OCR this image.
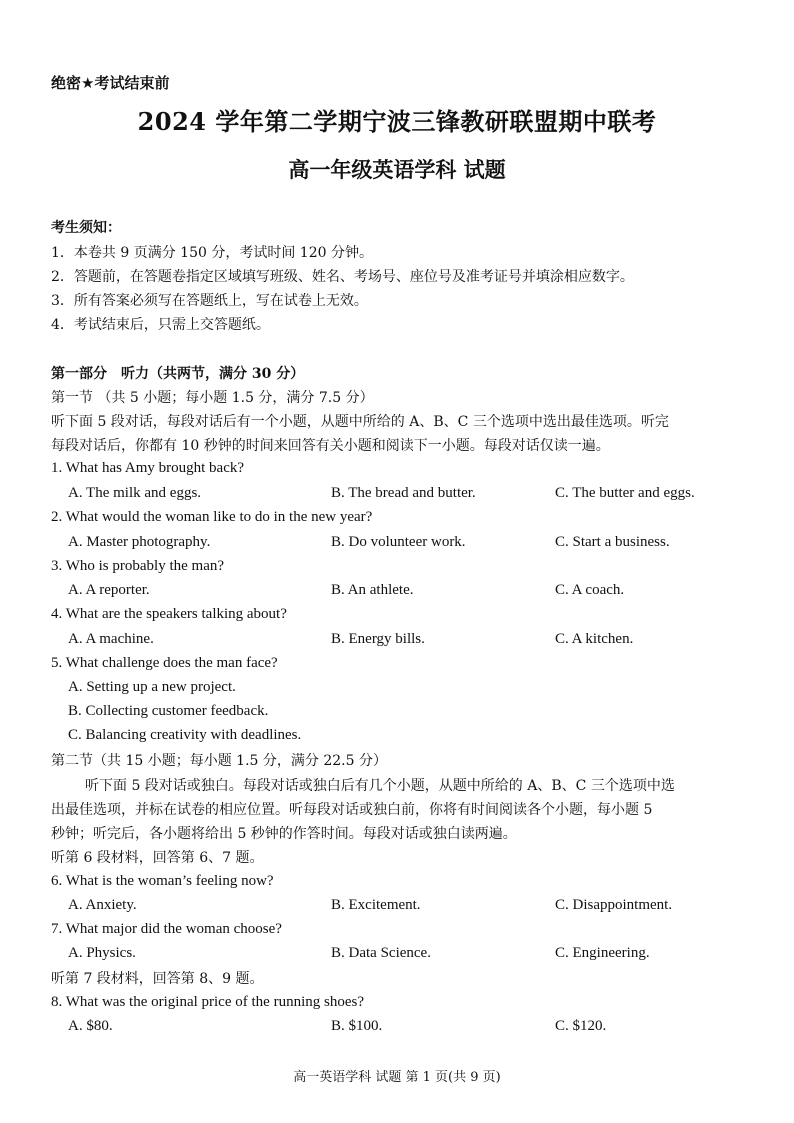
绝密★考试结束前
2024 学年第二学期宁波三锋教研联盟期中联考
高一年级英语学科 试题
考生须知：
1．本卷共 9 页满分 150 分，考试时间 120 分钟。
2．答题前，在答题卷指定区域填写班级、姓名、考场号、座位号及准考证号并填涂相应数字。
3．所有答案必须写在答题纸上，写在试卷上无效。
4．考试结束后，只需上交答题纸。
第一部分　听力（共两节，满分 30 分）
第一节 （共 5 小题；每小题 1.5 分，满分 7.5 分）
听下面 5 段对话，每段对话后有一个小题，从题中所给的 A、B、C 三个选项中选出最佳选项。听完
每段对话后，你都有 10 秒钟的时间来回答有关小题和阅读下一小题。每段对话仅读一遍。
1. What has Amy brought back?
A. The milk and eggs.	B. The bread and butter.	C. The butter and eggs.
2. What would the woman like to do in the new year?
A. Master photography.	B. Do volunteer work.	C. Start a business.
3. Who is probably the man?
A. A reporter.	B. An athlete.	C. A coach.
4. What are the speakers talking about?
A. A machine.	B. Energy bills.	C. A kitchen.
5. What challenge does the man face?
A. Setting up a new project.
B. Collecting customer feedback.
C. Balancing creativity with deadlines.
第二节（共 15 小题；每小题 1.5 分，满分 22.5 分）
听下面 5 段对话或独白。每段对话或独白后有几个小题，从题中所给的 A、B、C 三个选项中选
出最佳选项，并标在试卷的相应位置。听每段对话或独白前，你将有时间阅读各个小题，每小题 5
秒钟；听完后，各小题将给出 5 秒钟的作答时间。每段对话或独白读两遍。
听第 6 段材料，回答第 6、7 题。
6. What is the woman’s feeling now?
A. Anxiety.	B. Excitement.	C. Disappointment.
7. What major did the woman choose?
A. Physics.	B. Data Science.	C. Engineering.
听第 7 段材料，回答第 8、9 题。
8. What was the original price of the running shoes?
A. $80.	B. $100.	C. $120.
高一英语学科 试题 第 1 页(共 9 页)
